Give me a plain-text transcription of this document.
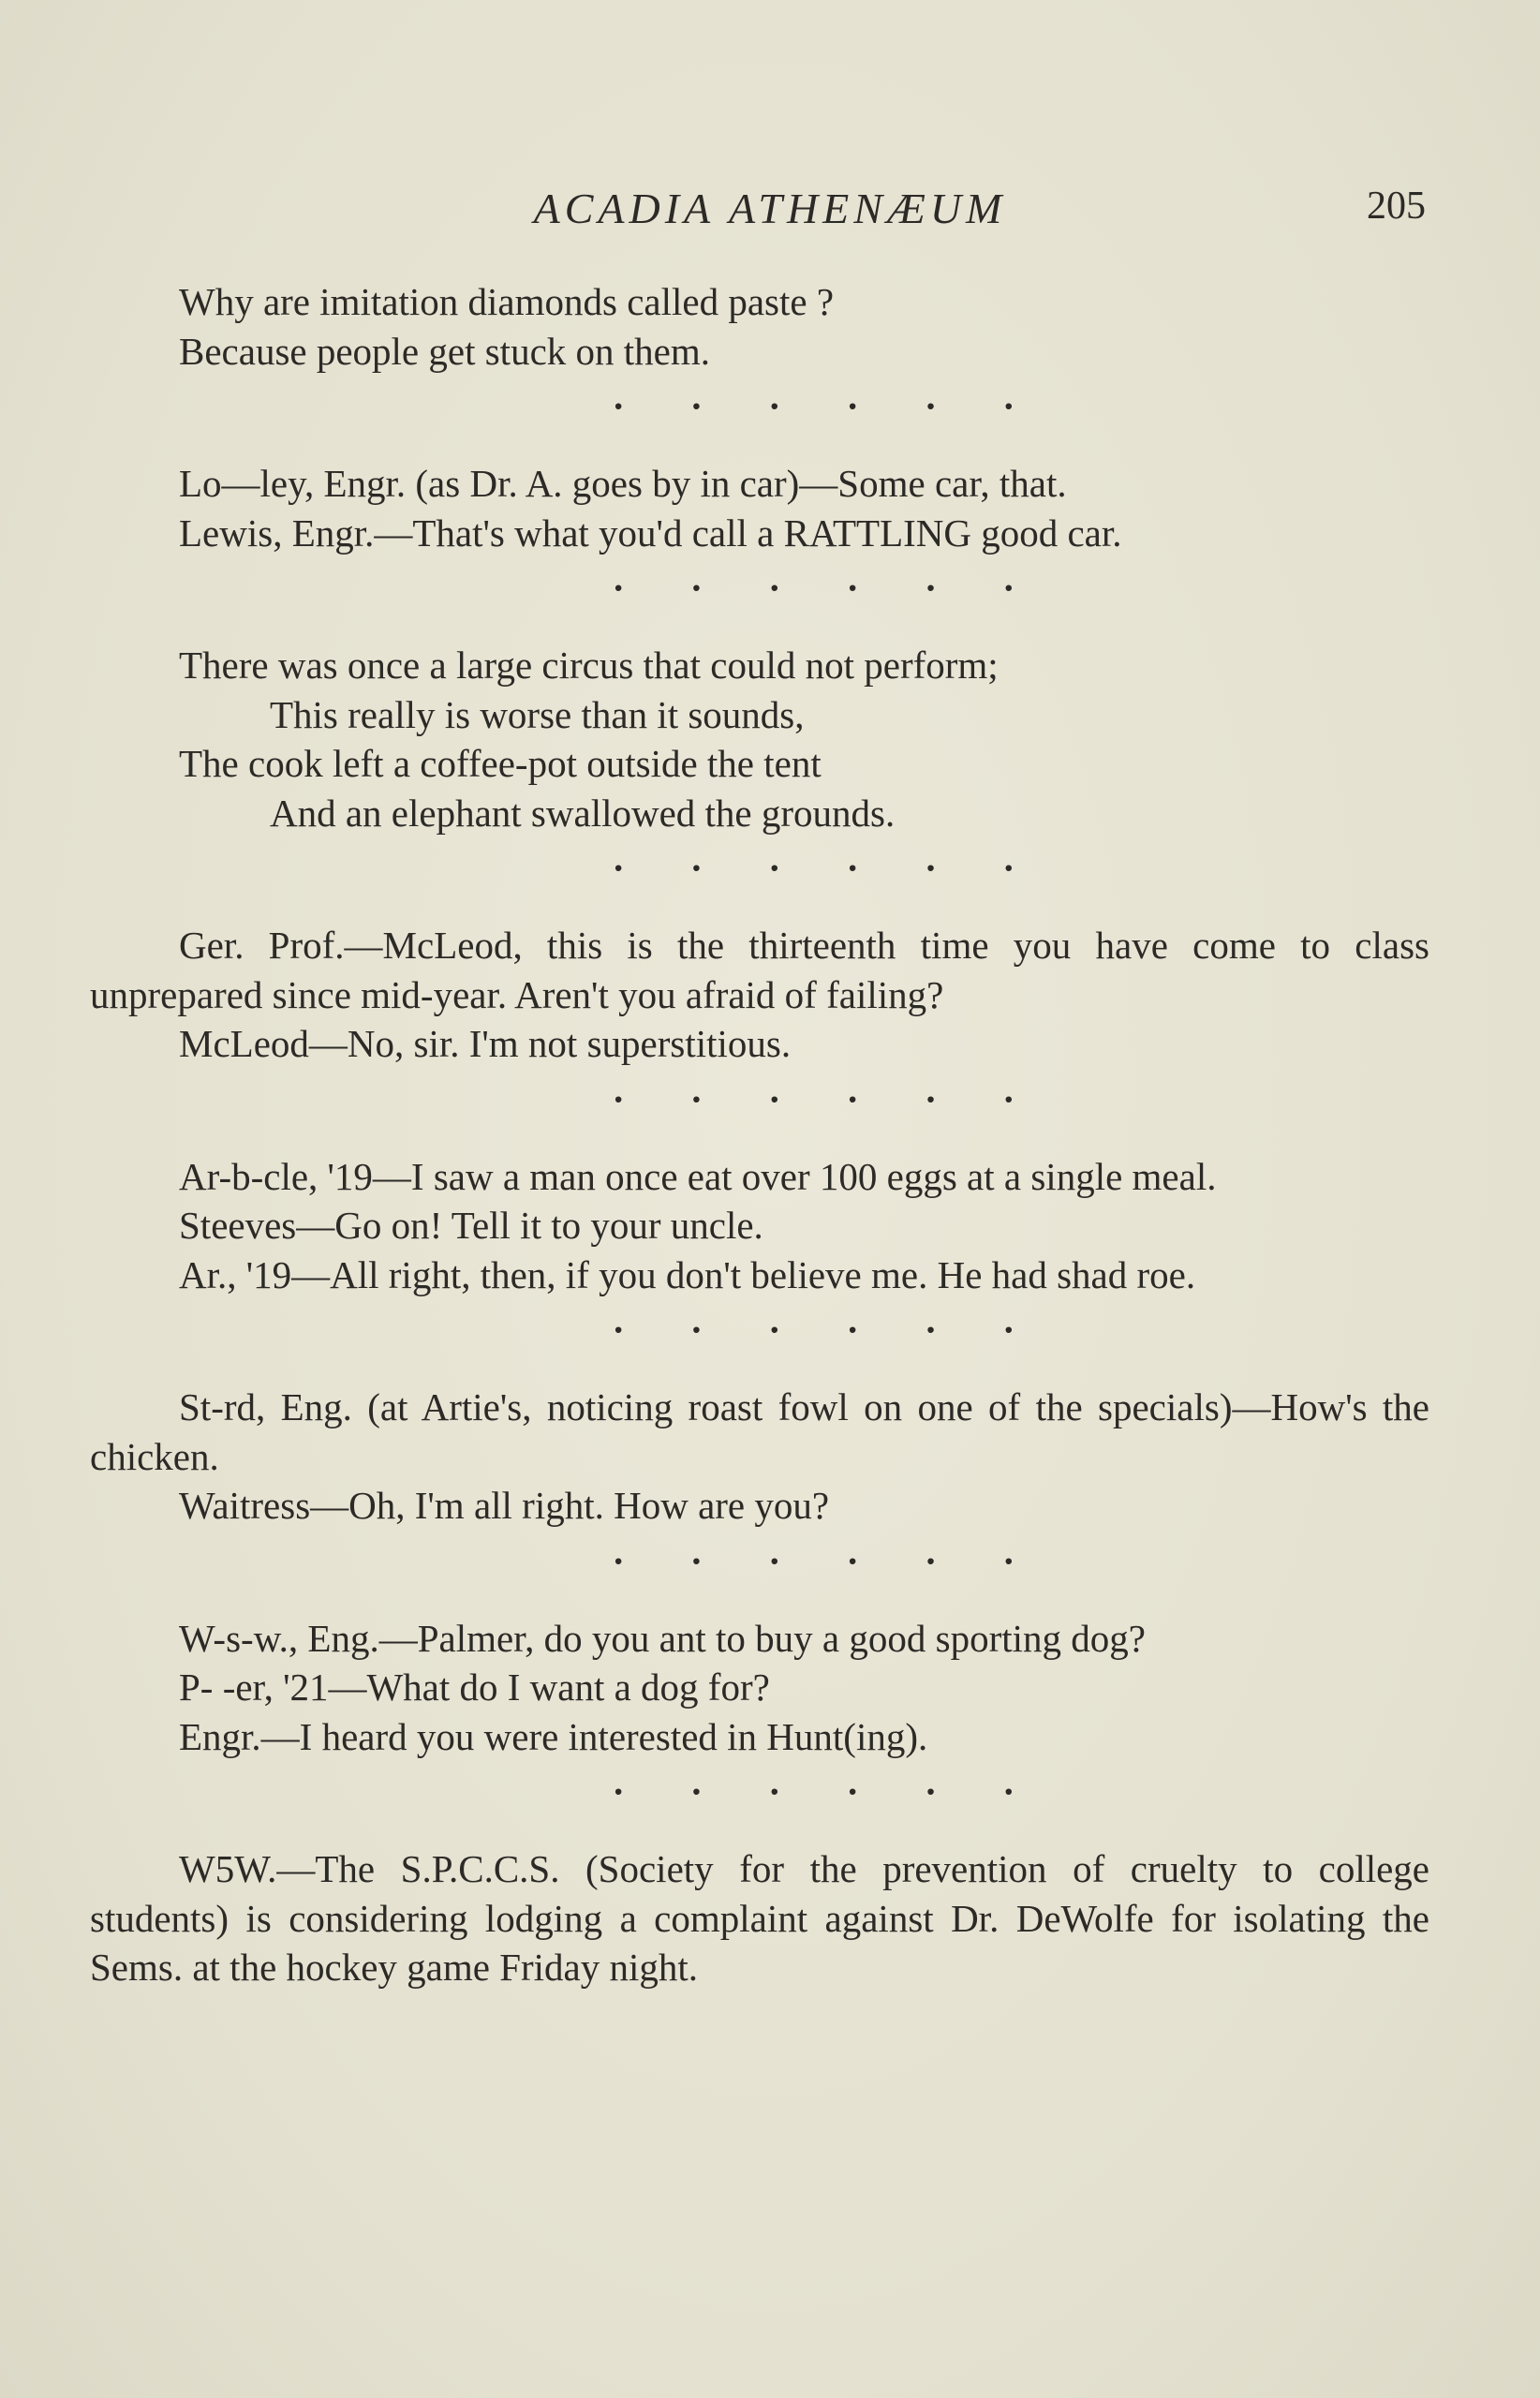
ACADIA ATHENÆUM	205
Why are imitation diamonds called paste ?
Because people get stuck on them.
· · · · · ·
Lo—ley, Engr. (as Dr. A. goes by in car)—Some car, that.
Lewis, Engr.—That's what you'd call a RATTLING good car.
· · · · · ·
There was once a large circus that could not perform;
This really is worse than it sounds,
The cook left a coffee-pot outside the tent
And an elephant swallowed the grounds.
· · · · · ·

Ger. Prof.—McLeod, this is the thirteenth time you have come to class unprepared since mid-year. Aren't you afraid of failing?

McLeod—No, sir. I'm not superstitious.

· · · · · ·

Ar-b-cle, '19—I saw a man once eat over 100 eggs at a single meal.

Steeves—Go on! Tell it to your uncle.

Ar., '19—All right, then, if you don't believe me. He had shad roe.

· · · · · ·

St-rd, Eng. (at Artie's, noticing roast fowl on one of the specials)—How's the chicken.

Waitress—Oh, I'm all right. How are you?

· · · · · ·

W-s-w., Eng.—Palmer, do you ant to buy a good sporting dog?

P- -er, '21—What do I want a dog for?

Engr.—I heard you were interested in Hunt(ing).

· · · · · ·

W5W.—The S.P.C.C.S. (Society for the prevention of cruelty to college students) is considering lodging a complaint against Dr. DeWolfe for isolating the Sems. at the hockey game Friday night.
